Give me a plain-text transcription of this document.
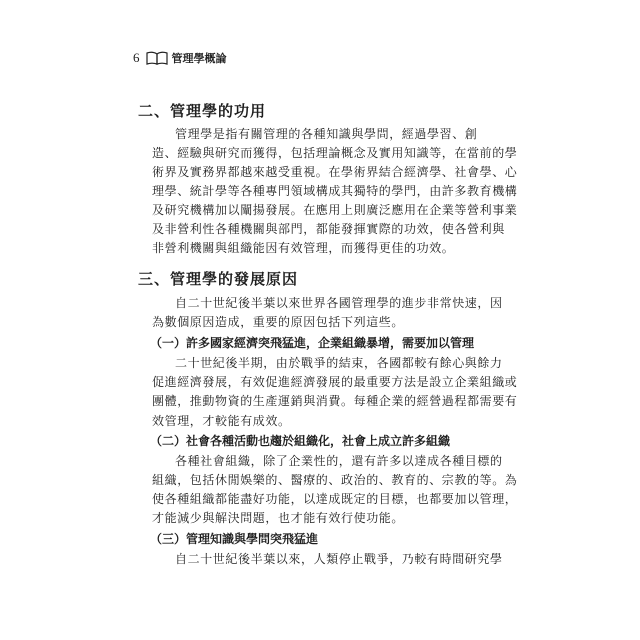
6	管理學概論
二、管理學的功用
管理學是指有關管理的各種知識與學問，經過學習、創
造、經驗與研究而獲得，包括理論概念及實用知識等，在當前的學
術界及實務界都越來越受重視。在學術界結合經濟學、社會學、心
理學、統計學等各種專門領域構成其獨特的學門，由許多教育機構
及研究機構加以闡揚發展。在應用上則廣泛應用在企業等營利事業
及非營利性各種機關與部門，都能發揮實際的功效，使各營利與
非營利機關與組織能因有效管理，而獲得更佳的功效。
三、管理學的發展原因
自二十世紀後半葉以來世界各國管理學的進步非常快速，因
為數個原因造成，重要的原因包括下列這些。
（一）許多國家經濟突飛猛進，企業組織暴增，需要加以管理
二十世紀後半期，由於戰爭的結束，各國都較有餘心與餘力
促進經濟發展，有效促進經濟發展的最重要方法是設立企業組織或
團體，推動物資的生產運銷與消費。每種企業的經營過程都需要有
效管理，才較能有成效。
（二）社會各種活動也趨於組織化，社會上成立許多組織
各種社會組織，除了企業性的，還有許多以達成各種目標的
組織，包括休閒娛樂的、醫療的、政治的、教育的、宗教的等。為
使各種組織都能盡好功能，以達成既定的目標，也都要加以管理，
才能減少與解決問題，也才能有效行使功能。
（三）管理知識與學問突飛猛進
自二十世紀後半葉以來，人類停止戰爭，乃較有時間研究學
